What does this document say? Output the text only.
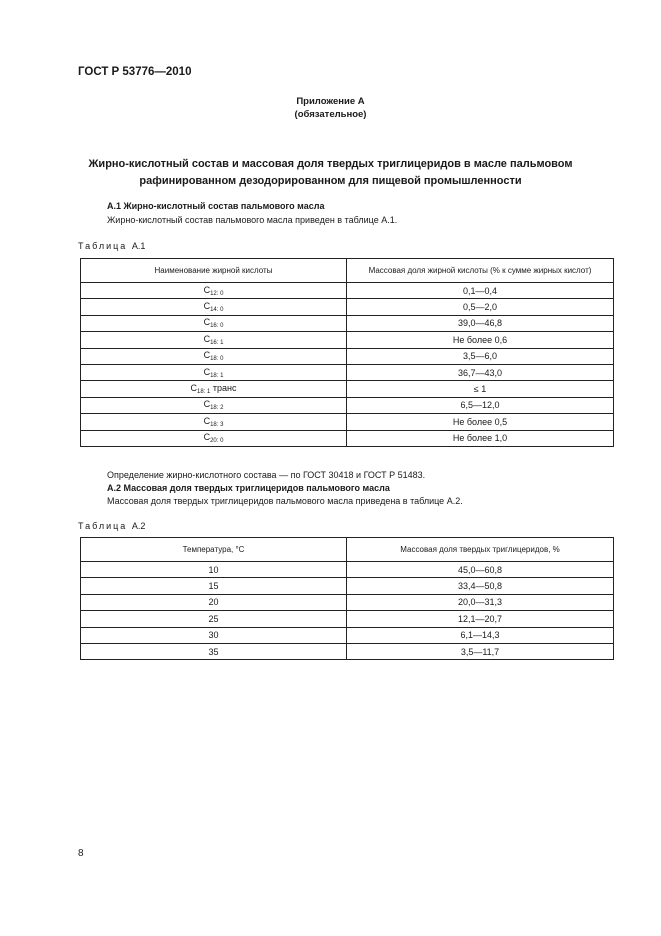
ГОСТ Р 53776—2010
Приложение А
(обязательное)
Жирно-кислотный состав и массовая доля твердых триглицеридов в масле пальмовом
рафинированном дезодорированном для пищевой промышленности
А.1 Жирно-кислотный состав пальмового масла
Жирно-кислотный состав пальмового масла приведен в таблице А.1.
Таблица А.1
Наименование жирной кислоты	Массовая доля жирной кислоты (% к сумме жирных кислот)
$С_{12: 0}$	0,1—0,4
$С_{14: 0}$	0,5—2,0
$С_{16: 0}$	39,0—46,8
$С_{16: 1}$	Не более 0,6
$С_{18: 0}$	3,5—6,0
$С_{18: 1}$	36,7—43,0
$С_{18: 1}$ транс	≤ 1
$С_{18: 2}$	6,5—12,0
$С_{18: 3}$	Не более 0,5
$С_{20: 0}$	Не более 1,0
Определение жирно-кислотного состава — по ГОСТ 30418 и ГОСТ Р 51483.
А.2 Массовая доля твердых триглицеридов пальмового масла
Массовая доля твердых триглицеридов пальмового масла приведена в таблице А.2.
Таблица А.2
Температура, °С	Массовая доля твердых триглицеридов, %
10	45,0—60,8
15	33,4—50,8
20	20,0—31,3
25	12,1—20,7
30	6,1—14,3
35	3,5—11,7
8
